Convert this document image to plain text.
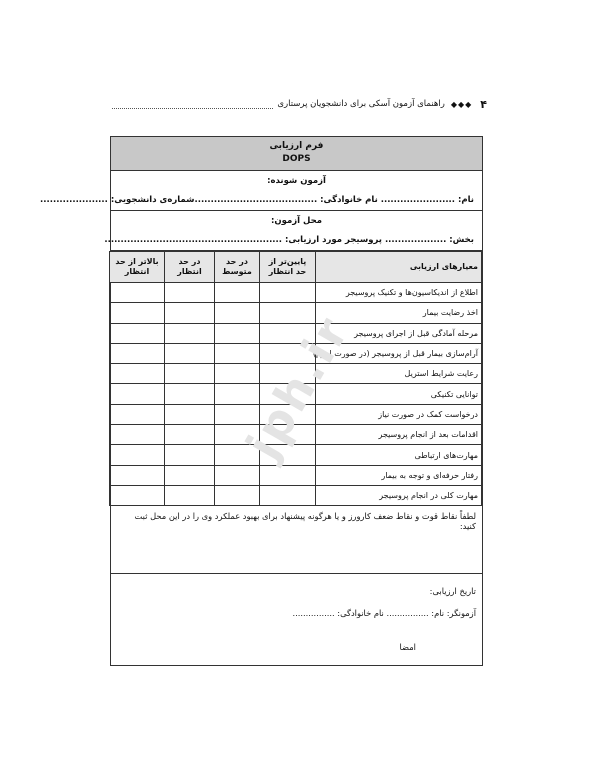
۴
◆◆◆
راهنمای آزمون آسکی برای دانشجویان پرستاری
فرم ارزیابی
DOPS
آزمون شونده:
نام: ....................... نام خانوادگی: ......................................
شماره‌ی دانشجویی: .....................
محل آزمون:
بخش: ................... پروسیجر مورد ارزیابی: .......................................................
معیارهای ارزیابی	پایین‌تر از حد انتظار	در حد متوسط	در حد انتظار	بالاتر از حد انتظار
اطلاع از اندیکاسیون‌ها و تکنیک پروسیجر				
اخذ رضایت بیمار				
مرحله آمادگی قبل از اجرای پروسیجر				
آرام‌سازی بیمار قبل از پروسیجر (در صورت لزوم)				
رعایت شرایط استریل				
توانایی تکنیکی				
درخواست کمک در صورت نیاز				
اقدامات بعد از انجام پروسیجر				
مهارت‌های ارتباطی				
رفتار حرفه‌ای و توجه به بیمار				
مهارت کلی در انجام پروسیجر				
لطفاً نقاط قوت و نقاط ضعف کارورز و یا هرگونه پیشنهاد برای بهبود عملکرد وی را در این محل ثبت کنید:
تاریخ ارزیابی:
آزمونگر: نام: ................ نام خانوادگی: ................
امضا
jph.ir
